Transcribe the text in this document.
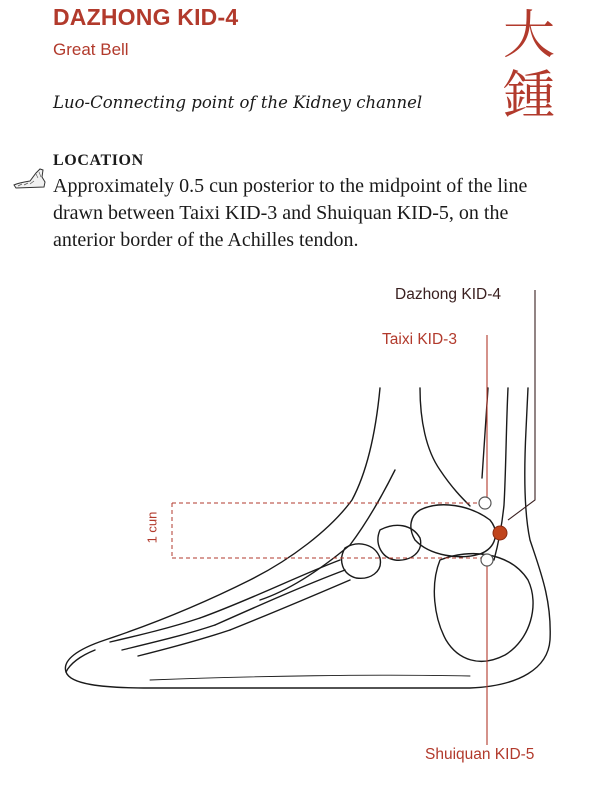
DAZHONG KID-4
Great Bell	大鍾
Luo-Connecting point of the Kidney channel
LOCATION
Approximately 0.5 cun posterior to the midpoint of the line drawn between Taixi KID-3 and Shuiquan KID-5, on the anterior border of the Achilles tendon.
Dazhong KID-4
Taixi KID-3
Shuiquan KID-5
1 cun
